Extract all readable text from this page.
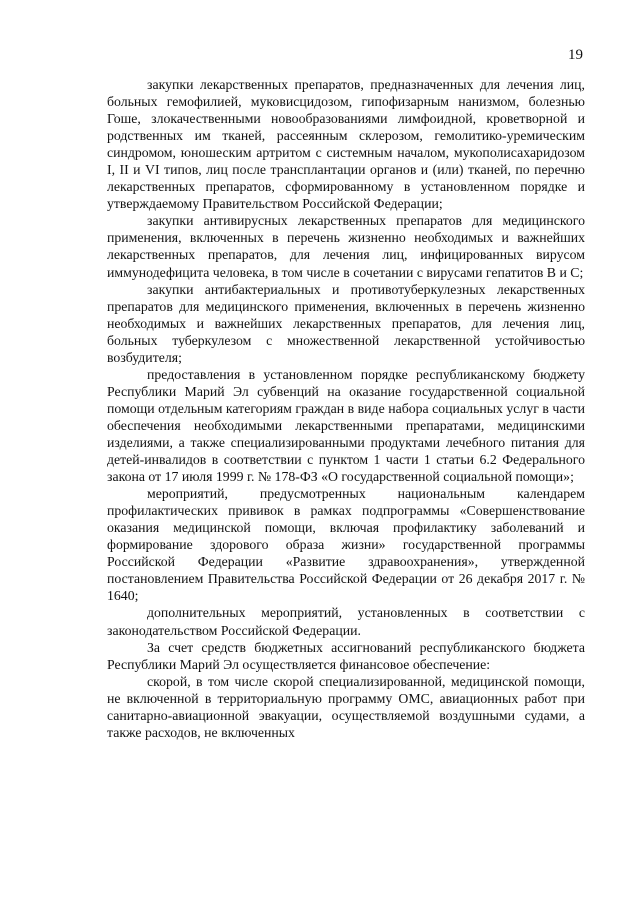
19

закупки лекарственных препаратов, предназначенных для лечения лиц, больных гемофилией, муковисцидозом, гипофизарным нанизмом, болезнью Гоше, злокачественными новообразованиями лимфоидной, кроветворной и родственных им тканей, рассеянным склерозом, гемолитико-уремическим синдромом, юношеским артритом с системным началом, мукополисахаридозом I, II и VI типов, лиц после трансплантации органов и (или) тканей, по перечню лекарственных препаратов, сформированному в установленном порядке и утверждаемому Правительством Российской Федерации;

закупки антивирусных лекарственных препаратов для медицинского применения, включенных в перечень жизненно необходимых и важнейших лекарственных препаратов, для лечения лиц, инфицированных вирусом иммунодефицита человека, в том числе в сочетании с вирусами гепатитов B и C;

закупки антибактериальных и противотуберкулезных лекарственных препаратов для медицинского применения, включенных в перечень жизненно необходимых и важнейших лекарственных препаратов, для лечения лиц, больных туберкулезом с множественной лекарственной устойчивостью возбудителя;

предоставления в установленном порядке республиканскому бюджету Республики Марий Эл субвенций на оказание государственной социальной помощи отдельным категориям граждан в виде набора социальных услуг в части обеспечения необходимыми лекарственными препаратами, медицинскими изделиями, а также специализированными продуктами лечебного питания для детей-инвалидов в соответствии с пунктом 1 части 1 статьи 6.2 Федерального закона от 17 июля 1999 г. № 178-ФЗ «О государственной социальной помощи»;

мероприятий, предусмотренных национальным календарем профилактических прививок в рамках подпрограммы «Совершенствование оказания медицинской помощи, включая профилактику заболеваний и формирование здорового образа жизни» государственной программы Российской Федерации «Развитие здравоохранения», утвержденной постановлением Правительства Российской Федерации от 26 декабря 2017 г. № 1640;

дополнительных мероприятий, установленных в соответствии с законодательством Российской Федерации.

За счет средств бюджетных ассигнований республиканского бюджета Республики Марий Эл осуществляется финансовое обеспечение:

скорой, в том числе скорой специализированной, медицинской помощи, не включенной в территориальную программу ОМС, авиационных работ при санитарно-авиационной эвакуации, осуществляемой воздушными судами, а также расходов, не включенных
